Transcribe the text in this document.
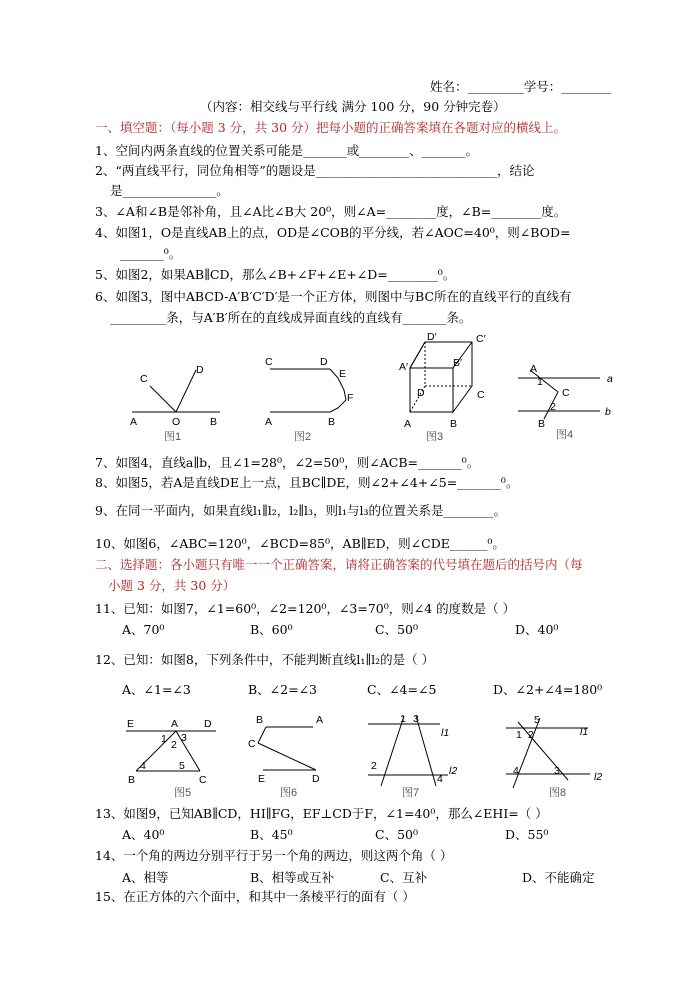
姓名：_________学号：________
（内容：相交线与平行线 满分 100 分，90 分钟完卷）
一、填空题：（每小题 3 分，共 30 分）把每小题的正确答案填在各题对应的横线上。
1、空间内两条直线的位置关系可能是_______或________、_______。
2、“两直线平行，同位角相等”的题设是_____________________________，结论
是_______________。
3、∠A和∠B是邻补角，且∠A比∠B大 20⁰，则∠A=________度，∠B=________度。
4、如图1，O是直线AB上的点，OD是∠COB的平分线，若∠AOC=40⁰，则∠BOD=
_______⁰。
5、如图2，如果AB∥CD，那么∠B+∠F+∠E+∠D=________⁰。
6、如图3，图中ABCD-A′B′C′D′是一个正方体，则图中与BC所在的直线平行的直线有
_________条，与A′B′所在的直线成异面直线的直线有_______条。
A	O	B
C
D
图1
C	D
E
F
A	B
图2
D′	C′
A′	B′
D	C
A	B
图3
A
1
C
2
B
a
b
图4
7、如图4，直线a∥b，且∠1=28⁰，∠2=50⁰，则∠ACB=_______⁰。
8、如图5，若A是直线DE上一点，且BC∥DE，则∠2+∠4+∠5=_______⁰。
9、在同一平面内，如果直线l₁∥l₂，l₂∥l₃，则l₁与l₃的位置关系是________。
10、如图6，∠ABC=120⁰，∠BCD=85⁰，AB∥ED，则∠CDE______⁰。
二、选择题：各小题只有唯一一个正确答案，请将正确答案的代号填在题后的括号内（每
小题 3 分，共 30 分）
11、已知：如图7，∠1=60⁰，∠2=120⁰，∠3=70⁰，则∠4 的度数是（ ）
A、70⁰	B、60⁰	C、50⁰	D、40⁰
12、已知：如图8，下列条件中，不能判断直线l₁∥l₂的是（ ）
A、∠1=∠3	B、∠2=∠3	C、∠4=∠5	D、∠2+∠4=180⁰
E	A D
1 2
3
4	5
B	C
图5
B	A
C
E	D
图6
1 3
l1
2
4
l2
图7
5
1 2	l1
4	3	l2
图8
13、如图9，已知AB∥CD，HI∥FG，EF⊥CD于F，∠1=40⁰，那么∠EHI=（ ）
A、40⁰	B、45⁰	C、50⁰	D、55⁰
14、一个角的两边分别平行于另一个角的两边，则这两个角（ ）
A、相等	B、相等或互补	C、互补	D、不能确定
15、在正方体的六个面中，和其中一条棱平行的面有（ ）
